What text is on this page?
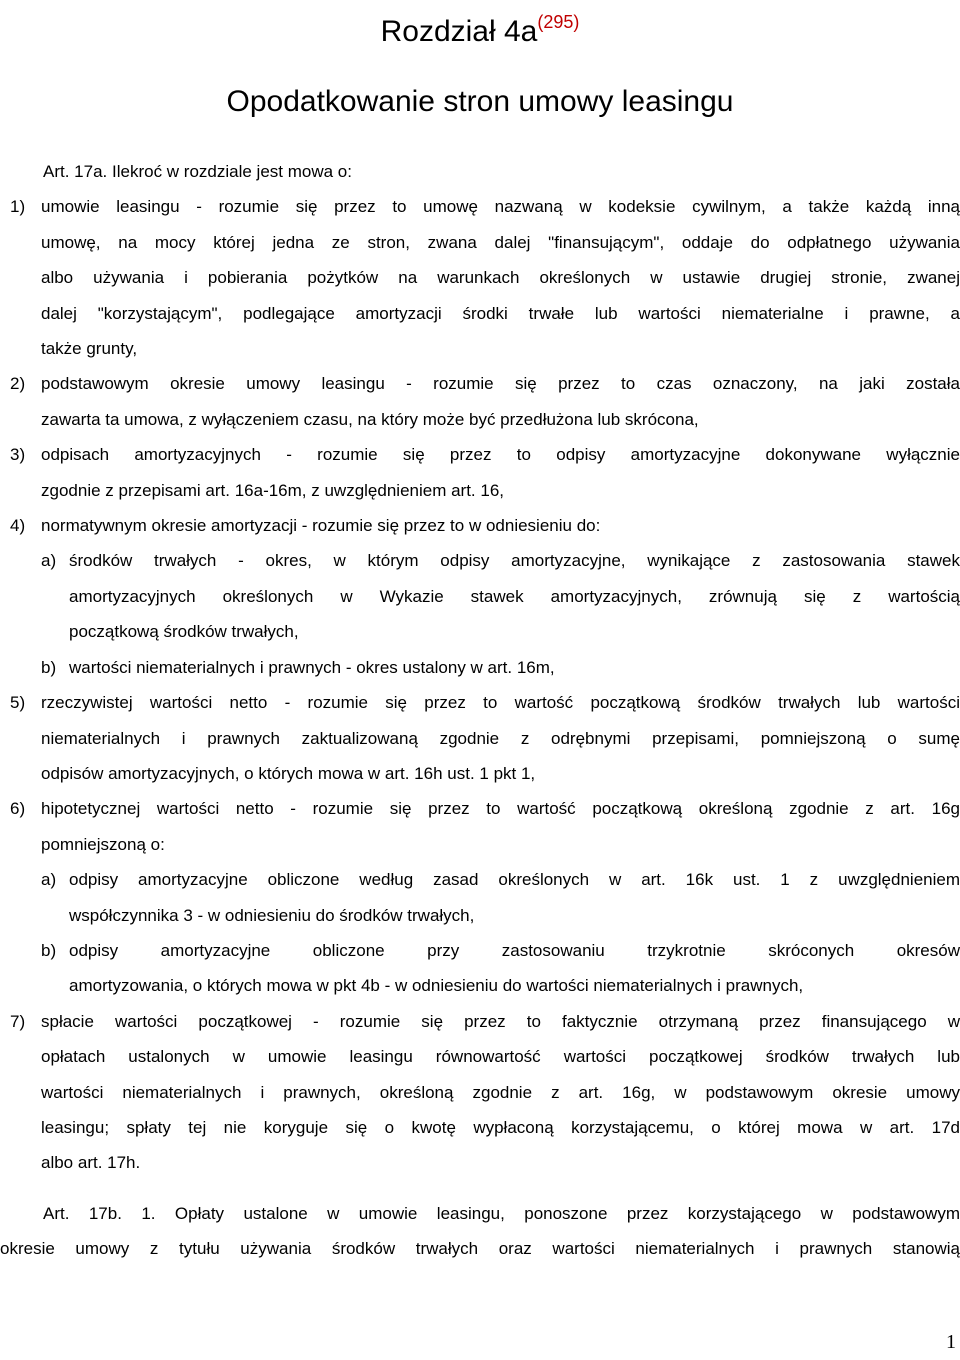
Rozdział 4a$^{(295)}$
Opodatkowanie stron umowy leasingu
Art. 17a. Ilekroć w rozdziale jest mowa o:
1) umowie leasingu - rozumie się przez to umowę nazwaną w kodeksie cywilnym, a także każdą inną
umowę, na mocy której jedna ze stron, zwana dalej "finansującym", oddaje do odpłatnego używania
albo używania i pobierania pożytków na warunkach określonych w ustawie drugiej stronie, zwanej
dalej "korzystającym", podlegające amortyzacji środki trwałe lub wartości niematerialne i prawne, a
także grunty,
2) podstawowym okresie umowy leasingu - rozumie się przez to czas oznaczony, na jaki została
zawarta ta umowa, z wyłączeniem czasu, na który może być przedłużona lub skrócona,
3) odpisach amortyzacyjnych - rozumie się przez to odpisy amortyzacyjne dokonywane wyłącznie
zgodnie z przepisami art. 16a-16m, z uwzględnieniem art. 16,
4) normatywnym okresie amortyzacji - rozumie się przez to w odniesieniu do:
a) środków trwałych - okres, w którym odpisy amortyzacyjne, wynikające z zastosowania stawek
amortyzacyjnych określonych w Wykazie stawek amortyzacyjnych, zrównują się z wartością
początkową środków trwałych,
b) wartości niematerialnych i prawnych - okres ustalony w art. 16m,
5) rzeczywistej wartości netto - rozumie się przez to wartość początkową środków trwałych lub wartości
niematerialnych i prawnych zaktualizowaną zgodnie z odrębnymi przepisami, pomniejszoną o sumę
odpisów amortyzacyjnych, o których mowa w art. 16h ust. 1 pkt 1,
6) hipotetycznej wartości netto - rozumie się przez to wartość początkową określoną zgodnie z art. 16g
pomniejszoną o:
a) odpisy amortyzacyjne obliczone według zasad określonych w art. 16k ust. 1 z uwzględnieniem
współczynnika 3 - w odniesieniu do środków trwałych,
b) odpisy amortyzacyjne obliczone przy zastosowaniu trzykrotnie skróconych okresów
amortyzowania, o których mowa w pkt 4b - w odniesieniu do wartości niematerialnych i prawnych,
7) spłacie wartości początkowej - rozumie się przez to faktycznie otrzymaną przez finansującego w
opłatach ustalonych w umowie leasingu równowartość wartości początkowej środków trwałych lub
wartości niematerialnych i prawnych, określoną zgodnie z art. 16g, w podstawowym okresie umowy
leasingu; spłaty tej nie koryguje się o kwotę wypłaconą korzystającemu, o której mowa w art. 17d
albo art. 17h.
Art. 17b. 1. Opłaty ustalone w umowie leasingu, ponoszone przez korzystającego w podstawowym
okresie umowy z tytułu używania środków trwałych oraz wartości niematerialnych i prawnych stanowią
1
